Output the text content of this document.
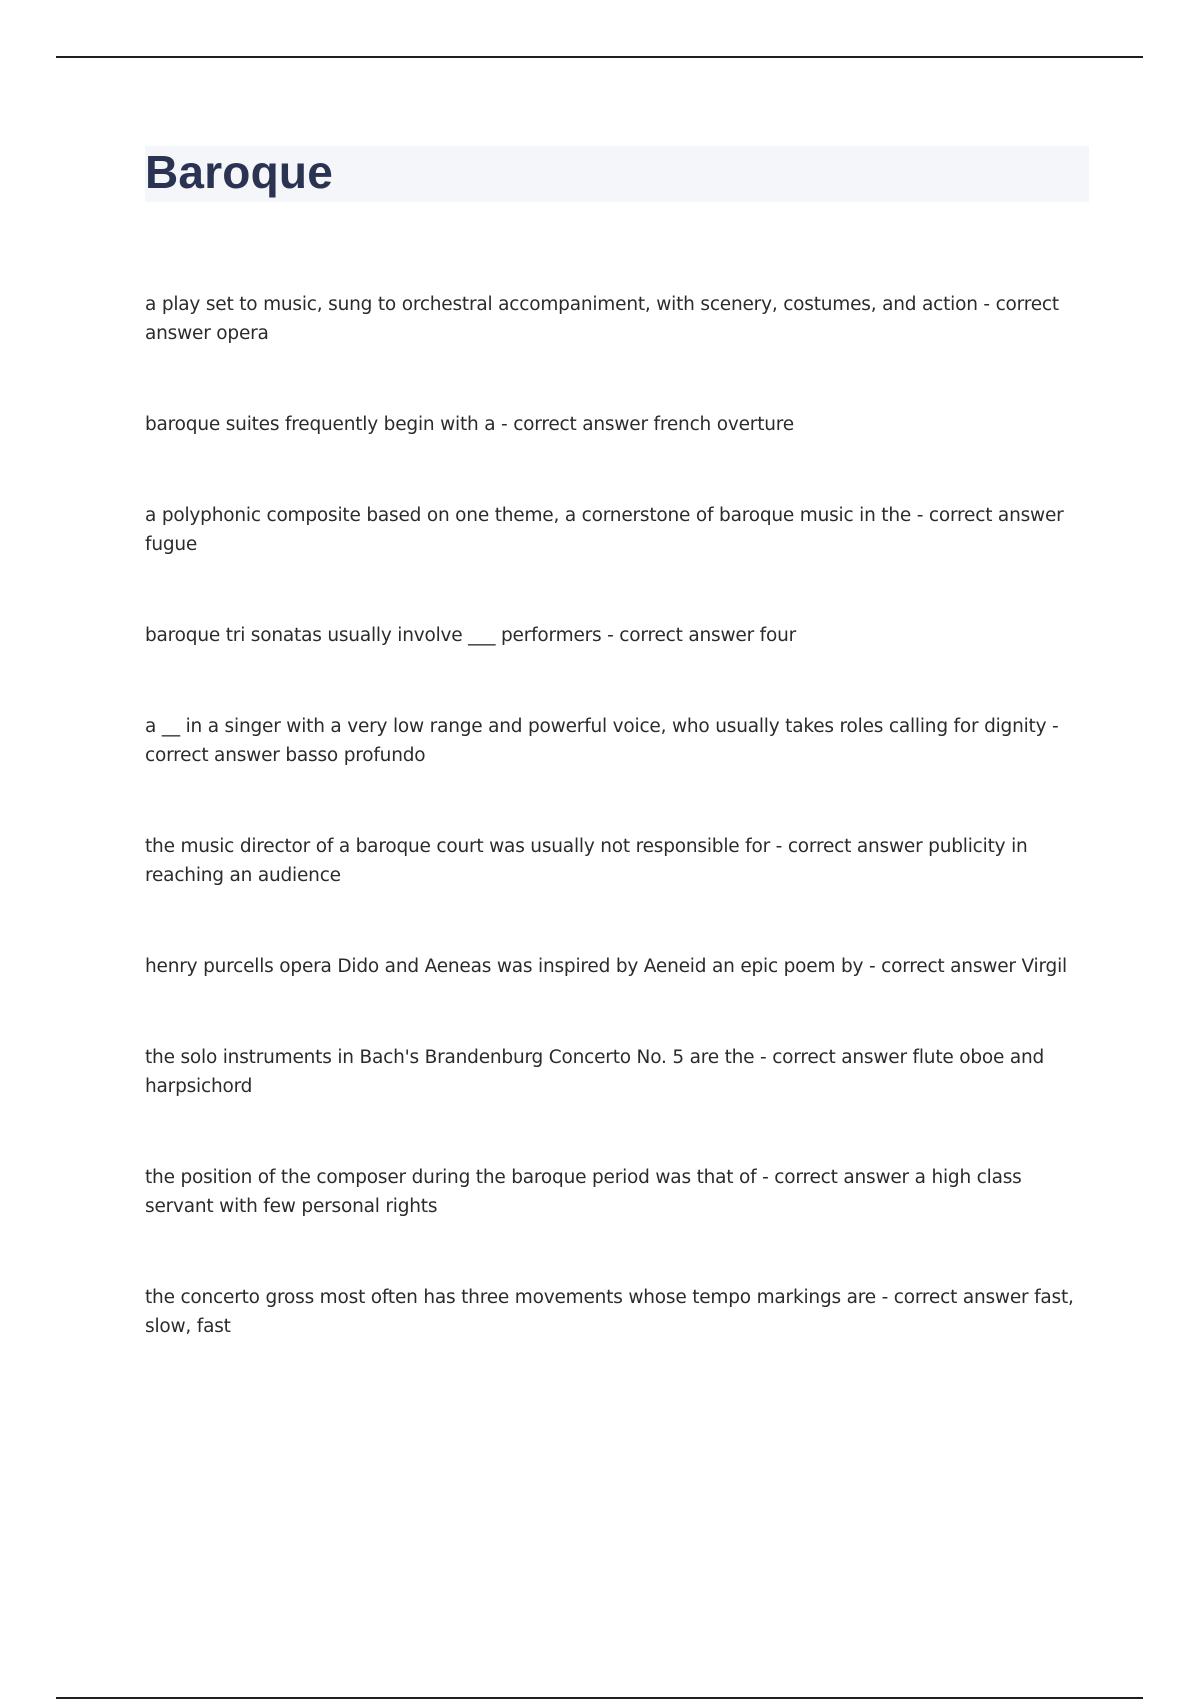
Baroque
a play set to music, sung to orchestral accompaniment, with scenery, costumes, and action - correct answer opera
baroque suites frequently begin with a - correct answer french overture
a polyphonic composite based on one theme, a cornerstone of baroque music in the - correct answer fugue
baroque tri sonatas usually involve ___ performers - correct answer four
a __ in a singer with a very low range and powerful voice, who usually takes roles calling for dignity - correct answer basso profundo
the music director of a baroque court was usually not responsible for - correct answer publicity in reaching an audience
henry purcells opera Dido and Aeneas was inspired by Aeneid an epic poem by - correct answer Virgil
the solo instruments in Bach's Brandenburg Concerto No. 5 are the - correct answer flute oboe and harpsichord
the position of the composer during the baroque period was that of - correct answer a high class servant with few personal rights
the concerto gross most often has three movements whose tempo markings are - correct answer fast, slow, fast
